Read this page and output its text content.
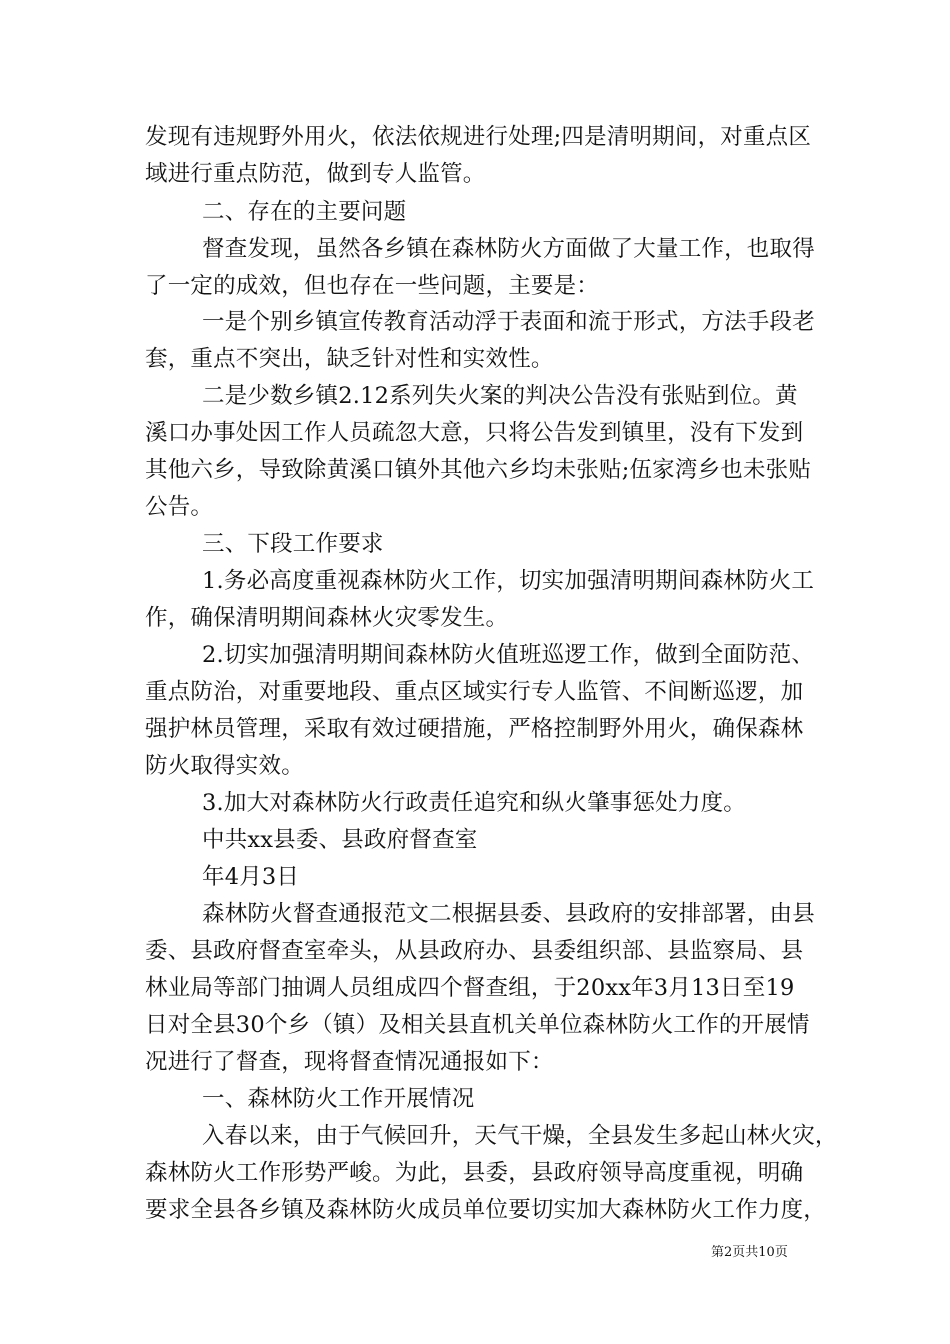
发现有违规野外用火，依法依规进行处理;四是清明期间，对重点区
域进行重点防范，做到专人监管。
二、存在的主要问题
督查发现，虽然各乡镇在森林防火方面做了大量工作，也取得
了一定的成效，但也存在一些问题，主要是：
一是个别乡镇宣传教育活动浮于表面和流于形式，方法手段老
套，重点不突出，缺乏针对性和实效性。
二是少数乡镇2.12系列失火案的判决公告没有张贴到位。黄
溪口办事处因工作人员疏忽大意，只将公告发到镇里，没有下发到
其他六乡，导致除黄溪口镇外其他六乡均未张贴;伍家湾乡也未张贴
公告。
三、下段工作要求
1.务必高度重视森林防火工作，切实加强清明期间森林防火工
作，确保清明期间森林火灾零发生。
2.切实加强清明期间森林防火值班巡逻工作，做到全面防范、
重点防治，对重要地段、重点区域实行专人监管、不间断巡逻，加
强护林员管理，采取有效过硬措施，严格控制野外用火，确保森林
防火取得实效。
3.加大对森林防火行政责任追究和纵火肇事惩处力度。
中共xx县委、县政府督查室
年4月3日
森林防火督查通报范文二根据县委、县政府的安排部署，由县
委、县政府督查室牵头，从县政府办、县委组织部、县监察局、县
林业局等部门抽调人员组成四个督查组，于20xx年3月13日至19
日对全县30个乡（镇）及相关县直机关单位森林防火工作的开展情
况进行了督查，现将督查情况通报如下：
一、森林防火工作开展情况
入春以来，由于气候回升，天气干燥，全县发生多起山林火灾，
森林防火工作形势严峻。为此，县委，县政府领导高度重视，明确
要求全县各乡镇及森林防火成员单位要切实加大森林防火工作力度，
第2页共10页
